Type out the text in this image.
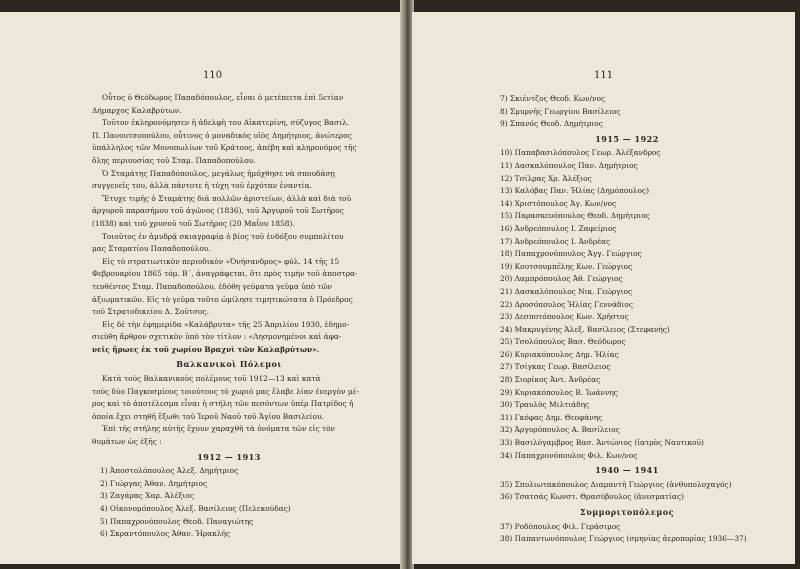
110
Οὗτος ὁ Θεόδωρος Παπαδόπουλος, εἶναι ὁ μετέπειτα ἐπὶ 5ετίαν
Δήμαρχος Καλαβρύτων.
Τοῦτον ἐκληρονόμησεν ἡ ἀδελφὴ του Αἰκατερίνη, σύζυγος Βασιλ.
Π. Πανουτσοπούλου, οὗτινος ὁ μοναδικὸς υἱὸς Δημήτριος, ἀνώτερος
ὑπάλληλος τῶν Μονοπωλίων τοῦ Κράτους, ἀπέβη καὶ κληρονόμος τῆς
ὅλης περιουσίας τοῦ Σταμ. Παπαδοπούλου.
Ὁ Σταμάτης Παπαδόπουλος, μεγάλως ἠμόχθησε νὰ σπουδάσῃ
συγγενεῖς του, ἀλλὰ πάντοτε ἡ τύχη τοῦ ἐρχόταν ἐναντία.
Ἔτυχε τιμῆς ὁ Σταμάτης διὰ πολλῶν ἀριστείων, ἀλλὰ καὶ διὰ τοῦ
ἀργυροῦ παρασήμου τοῦ ἀγῶνος (1836), τοῦ Ἀργυροῦ τοῦ Σωτῆρος
(1838) καὶ τοῦ χρυσοῦ τοῦ Σωτῆρος (20 Μαΐου 1858).
Τοιοῦτος ἐν ἀμυδρᾷ σκιαγραφίᾳ ὁ βίος τοῦ ἐνδόξου συμπολίτου
μας Σταματίου Παπαδοπούλου.
Εἰς τὸ στρατιωτικὸν περιοδικὸν «Ὀνήσανδρος» φύλ. 14 τῆς 15
Φεβρουαρίου 1865 τόμ. Β΄, ἀναγράφεται, ὅτι πρὸς τιμὴν τοῦ ἀποστρα-
τευθέντος Σταμ. Παπαδοπούλου, ἐδόθη γεύματα γεῦμα ὑπὸ τῶν
ἀξιωματικῶν. Εἰς τὸ γεῦμα τοῦτο ὡμίλησε τιμητικώτατα ὁ Πρόεδρος
τοῦ Στρατοδικείου Δ. Σοῦτσος.
Εἰς δὲ τὴν ἐφημερίδα «Καλάβρυτα» τῆς 25 Ἀπριλίου 1930, ἐδημο-
σιεύθη ἄρθρον σχετικὸν ὑπὸ τὸν τίτλον : «Λησμονημένοι καὶ ἀφα-
νεῖς ἥρωες ἐκ τοῦ χωρίου Βραχνὶ τῶν Καλαβρύτων».
Βαλκανικοὶ Πόλεμοι
Κατὰ τοὺς Βαλκανικοὺς πολέμους τοῦ 1912—13 καὶ κατὰ
τοὺς δύο Παγκοσμίους τοιούτους τὸ χωριό μας ἔλαβε λίαν ἐνεργὸν μέ-
ρος καὶ τὸ ἀποτέλεσμα εἶναι ἡ στήλη τῶν πεσόντων ὑπὲρ Πατρίδος ἡ
ὁποία ἔχει στηθῆ ἔξωθι τοῦ Ἱεροῦ Ναοῦ τοῦ Ἁγίου Βασιλείου.
Ἐπὶ τῆς στήλης αὐτῆς ἔχουν χαραχθῆ τὰ ὀνόματα τῶν εἰς τὸν
θυμάτων ὡς ἑξῆς :
1912 — 1913
1) Ἀποστολόπουλος Ἀλεξ. Δημήτριος
2) Γιώργας Ἀθαν. Δημήτριος
3) Ζαγάρας Χαρ. Ἀλέξιος
4) Οἰκονομόπουλος Ἀλεξ. Βασίλειος (Πελεκούδας)
5) Παπαχρονόπουλος Θεοδ. Παναγιώτης
6) Σκραντόπουλος Ἀθαν. Ἡρακλῆς
111
7) Σκιέντζος Θεοδ. Κων/νος
8) Σμυρνῆς Γεωργίου Βασίλειος
9) Σπανός Θεοδ. Δημήτριος
1915 — 1922
10) Παπαβασιλόπουλος Γεωρ. Ἀλέξανδρος
11) Δασκαλόπουλος Παν. Δημήτριος
12) Τσίλρας Χρ. Ἀλέξιος
13) Καλόβας Παν. Ἠλίας (Δημόπουλος)
14) Χριστόπουλος Ἀγ. Κων/νος
15) Παρασκευόπουλος Θεοδ. Δημήτριος
16) Ἀνδρεόπουλος Ι. Ζαφείριος
17) Ἀνδρεόπουλος Ι. Ἀνδρέας
18) Παπαχρονόπουλος Ἀγγ. Γεώργιος
19) Κουτσουμπέλης Κων. Γεώργιος
20) Λαμπρόπουλος Ἀθ. Γεώργιος
21) Δασκαλόπουλος Νικ. Γεώργιος
22) Δροσόπουλος Ἠλίας Γεννάδιος
23) Δεσποτόπουλος Κων. Χρῆστος
24) Μακρυγένης Ἀλεξ. Βασίλειος (Στεφανής)
25) Τσολόπουλος Βασ. Θεόδωρος
26) Κυριακόπουλος Δημ. Ἠλίας
27) Τσίγκας Γεωρ. Βασίλειος
28) Σιορίκος Ἀντ. Ἀνδρέας
29) Κυριακόπουλος Β. Ἰωάννης
30) Τραυλὸς Μιλτιάδης
31) Γκόφας Δημ. Θεοφάνης
32) Ἀργυρόπουλος Α. Βασίλειος
33) Βασιλόγαμβρος Βασ. Ἀντώνιος (ἰατρὸς Ναυτικοῦ)
34) Παπαχρονόπουλος Φιλ. Κων/νος
1940 — 1941
35) Σπυλιωτακόπουλος Διαμαντῆ Γεώργιος (ἀνθυπολοχαγός)
36) Τσατσάς Κωνστ. Θρασύβουλος (ἀνεσματίας)
Συμμοριτοπόλεμος
37) Ροδόπουλος Φιλ. Γεράσιμος
38) Παπαντωνόπουλος Γεώργιος (σμηνίας ἀεροπορίας 1936—37)
